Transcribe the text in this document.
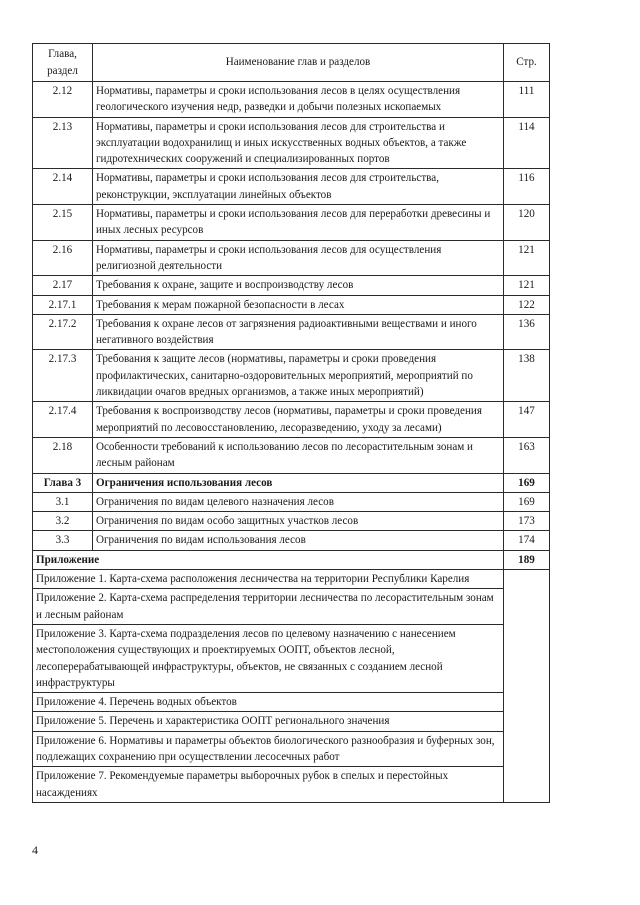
Глава, раздел	Наименование глав и разделов	Стр.
2.12	Нормативы, параметры и сроки использования лесов в целях осуществления геологического изучения недр, разведки и добычи полезных ископаемых	111
2.13	Нормативы, параметры и сроки использования лесов для строительства и эксплуатации водохранилищ и иных искусственных водных объектов, а также гидротехнических сооружений и специализированных портов	114
2.14	Нормативы, параметры и сроки использования лесов для строительства, реконструкции, эксплуатации линейных объектов	116
2.15	Нормативы, параметры и сроки использования лесов для переработки древесины и иных лесных ресурсов	120
2.16	Нормативы, параметры и сроки использования лесов для осуществления религиозной деятельности	121
2.17	Требования к охране, защите и воспроизводству лесов	121
2.17.1	Требования к мерам пожарной безопасности в лесах	122
2.17.2	Требования к охране лесов от загрязнения радиоактивными веществами и иного негативного воздействия	136
2.17.3	Требования к защите лесов (нормативы, параметры и сроки проведения профилактических, санитарно-оздоровительных мероприятий, мероприятий по ликвидации очагов вредных организмов, а также иных мероприятий)	138
2.17.4	Требования к воспроизводству лесов (нормативы, параметры и сроки проведения мероприятий по лесовосстановлению, лесоразведению, уходу за лесами)	147
2.18	Особенности требований к использованию лесов по лесорастительным зонам и лесным районам	163
Глава 3	Ограничения использования лесов	169
3.1	Ограничения по видам целевого назначения лесов	169
3.2	Ограничения по видам особо защитных участков лесов	173
3.3	Ограничения по видам использования лесов	174
Приложение		189
Приложение 1. Карта-схема расположения лесничества на территории Республики Карелия		
Приложение 2. Карта-схема распределения территории лесничества по лесорастительным зонам и лесным районам		
Приложение 3. Карта-схема подразделения лесов по целевому назначению с нанесением местоположения существующих и проектируемых ООПТ, объектов лесной, лесоперерабатывающей инфраструктуры, объектов, не связанных с созданием лесной инфраструктуры		
Приложение 4. Перечень водных объектов		
Приложение 5. Перечень и характеристика ООПТ регионального значения		
Приложение 6. Нормативы и параметры объектов биологического разнообразия и буферных зон, подлежащих сохранению при осуществлении лесосечных работ		
Приложение 7. Рекомендуемые параметры выборочных рубок в спелых и перестойных насаждениях		
4
